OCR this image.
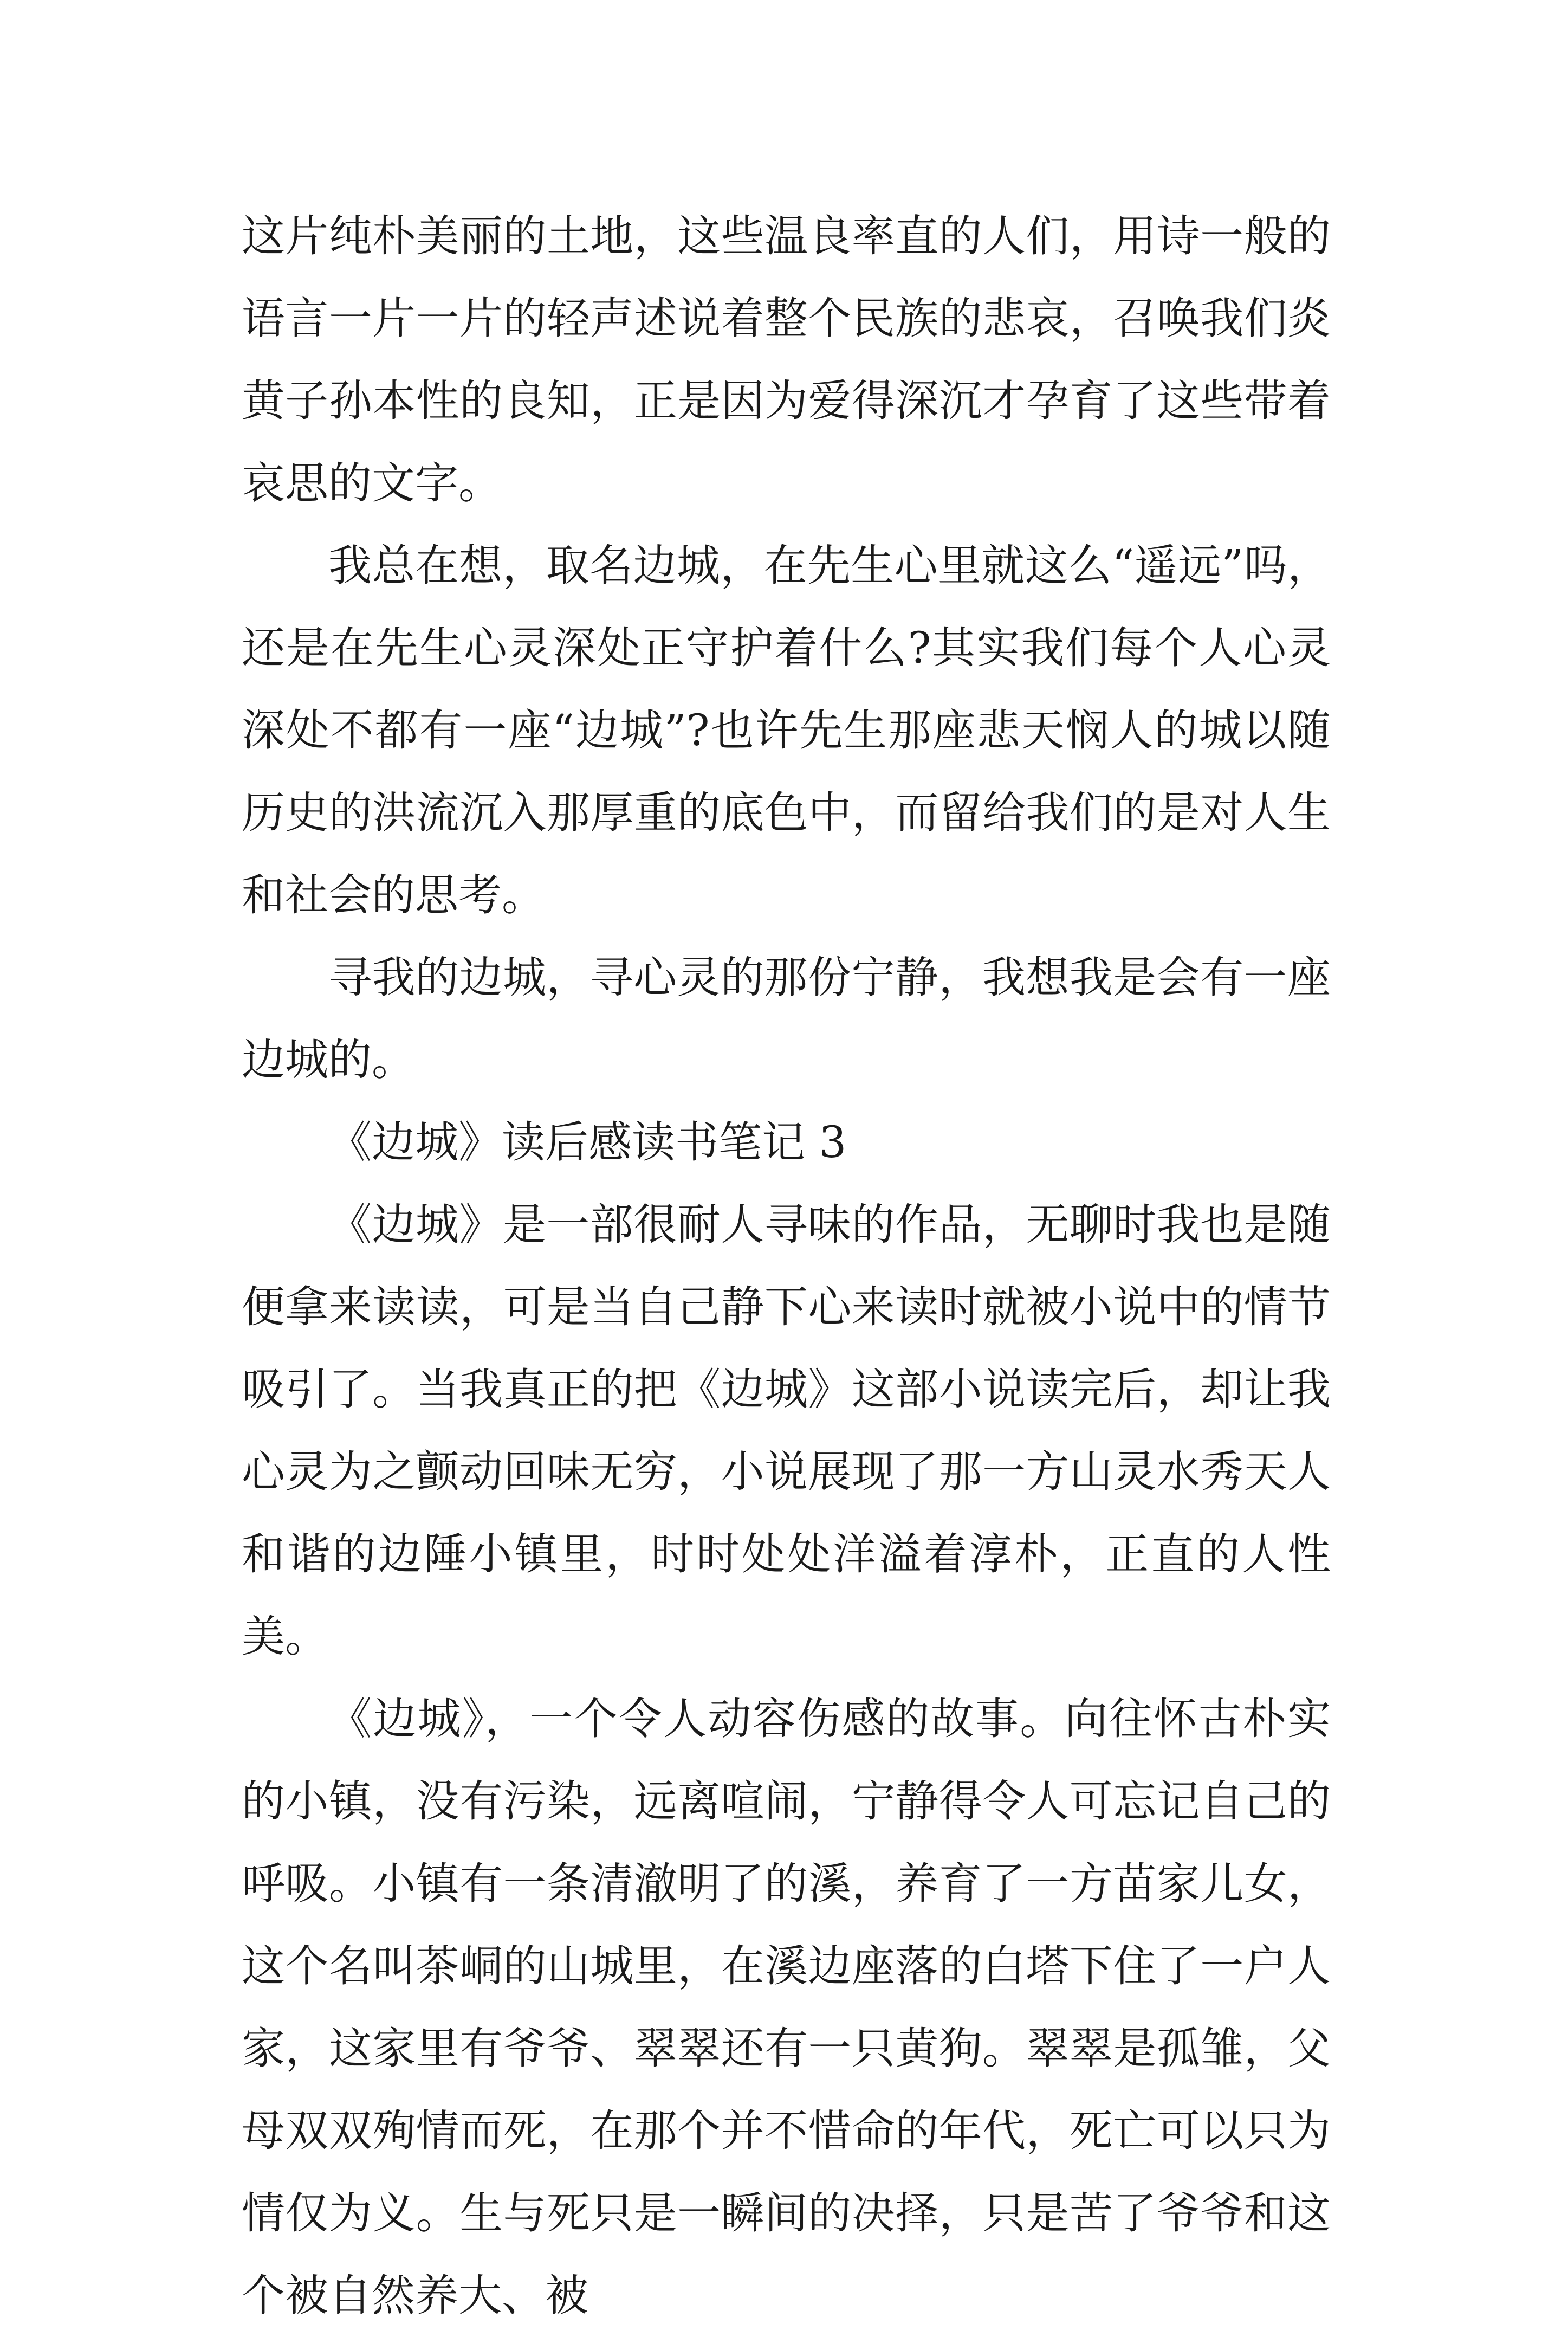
这片纯朴美丽的土地，这些温良率直的人们，用诗一般的语言一片一片的轻声述说着整个民族的悲哀，召唤我们炎黄子孙本性的良知，正是因为爱得深沉才孕育了这些带着哀思的文字。

我总在想，取名边城，在先生心里就这么“遥远”吗，还是在先生心灵深处正守护着什么?其实我们每个人心灵深处不都有一座“边城”?也许先生那座悲天悯人的城以随历史的洪流沉入那厚重的底色中，而留给我们的是对人生和社会的思考。

寻我的边城，寻心灵的那份宁静，我想我是会有一座边城的。

《边城》读后感读书笔记 3

《边城》是一部很耐人寻味的作品，无聊时我也是随便拿来读读，可是当自己静下心来读时就被小说中的情节吸引了。当我真正的把《边城》这部小说读完后，却让我心灵为之颤动回味无穷，小说展现了那一方山灵水秀天人和谐的边陲小镇里，时时处处洋溢着淳朴，正直的人性美。

《边城》，一个令人动容伤感的故事。向往怀古朴实的小镇，没有污染，远离喧闹，宁静得令人可忘记自己的呼吸。小镇有一条清澈明了的溪，养育了一方苗家儿女，这个名叫茶峒的山城里，在溪边座落的白塔下住了一户人家，这家里有爷爷、翠翠还有一只黄狗。翠翠是孤雏，父母双双殉情而死，在那个并不惜命的年代，死亡可以只为情仅为义。生与死只是一瞬间的决择，只是苦了爷爷和这个被自然养大、被
